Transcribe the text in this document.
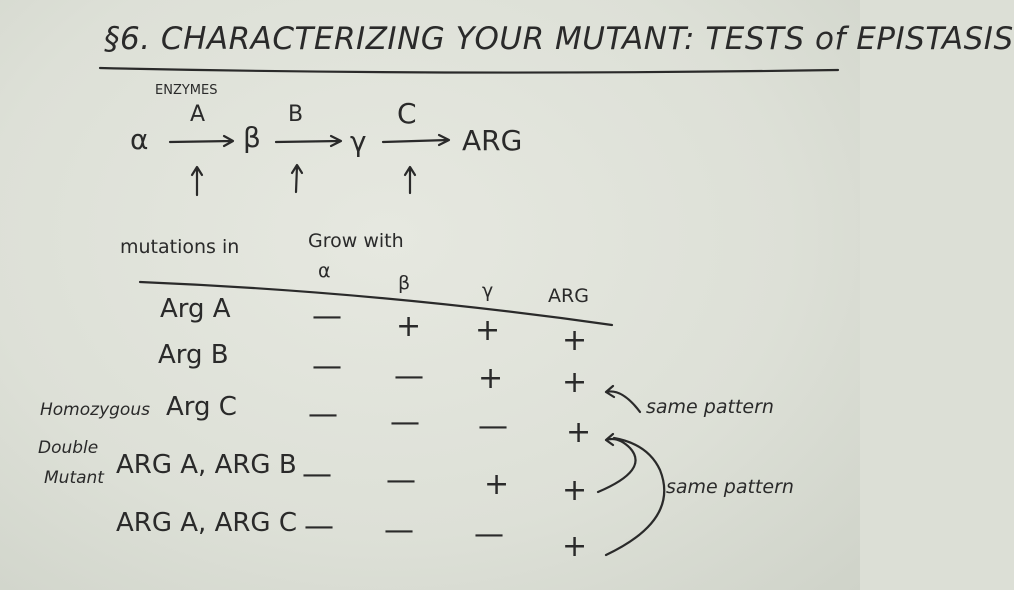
§6. CHARACTERIZING YOUR MUTANT: TESTS of EPISTASIS
ENZYMES
α
A
β
B
γ
C
ARG
mutations in	Grow with
α
β	γ	ARG
Homozygous
Double
Mutant
Arg A	— + + +
Arg B	— — + +
Arg C — — — +
ARG A, ARG B — — + +
ARG A, ARG C — — — +
same pattern
same pattern
